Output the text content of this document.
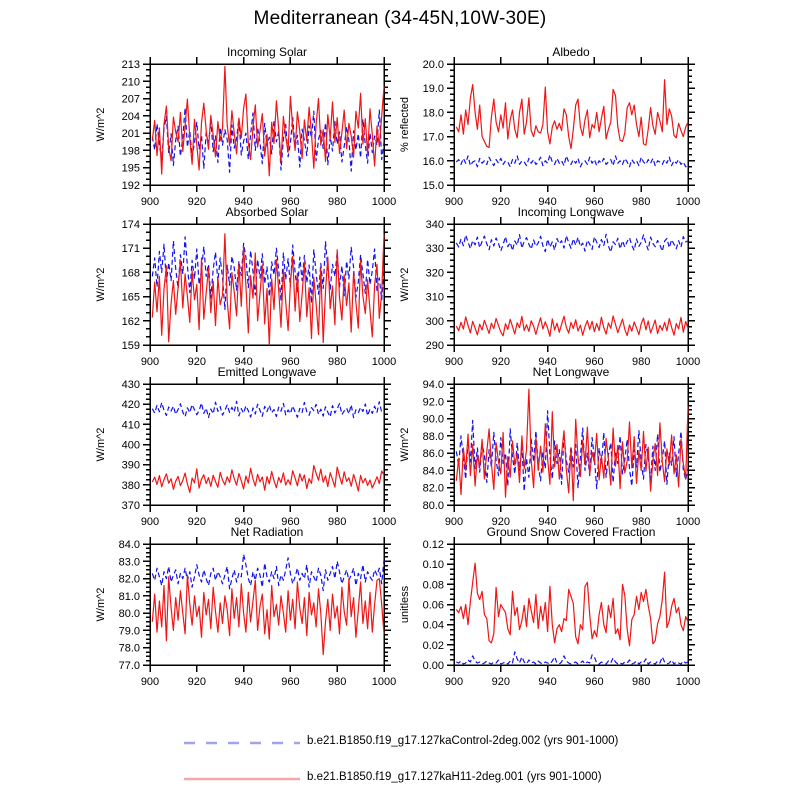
Mediterranean (34-45N,10W-30E)
192
195
198
201
204
207
210
213
900	920	940	960	980 1000
Incoming Solar
W/m^2
15.0
16.0
17.0
18.0
19.0
20.0
900	920	940	960	980 1000
Albedo
% reflected
159
162
165
168
171
174
900	920	940	960	980 1000
Absorbed Solar
W/m^2
290
300
310
320
330
340
900	920	940	960	980 1000
Incoming Longwave
W/m^2
370
380
390
400
410
420
430
900	920	940	960	980 1000
Emitted Longwave
W/m^2
80.0
82.0
84.0
86.0
88.0
90.0
92.0
94.0
900	920	940	960	980 1000
Net Longwave
W/m^2
77.0
78.0
79.0
80.0
81.0
82.0
83.0
84.0
900	920	940	960	980 1000
Net Radiation
W/m^2
0.00
0.02
0.04
0.06
0.08
0.10
0.12
900	920	940	960	980 1000
Ground Snow Covered Fraction
unitless
b.e21.B1850.f19_g17.127kaControl-2deg.002 (yrs 901-1000)
b.e21.B1850.f19_g17.127kaH11-2deg.001 (yrs 901-1000)
